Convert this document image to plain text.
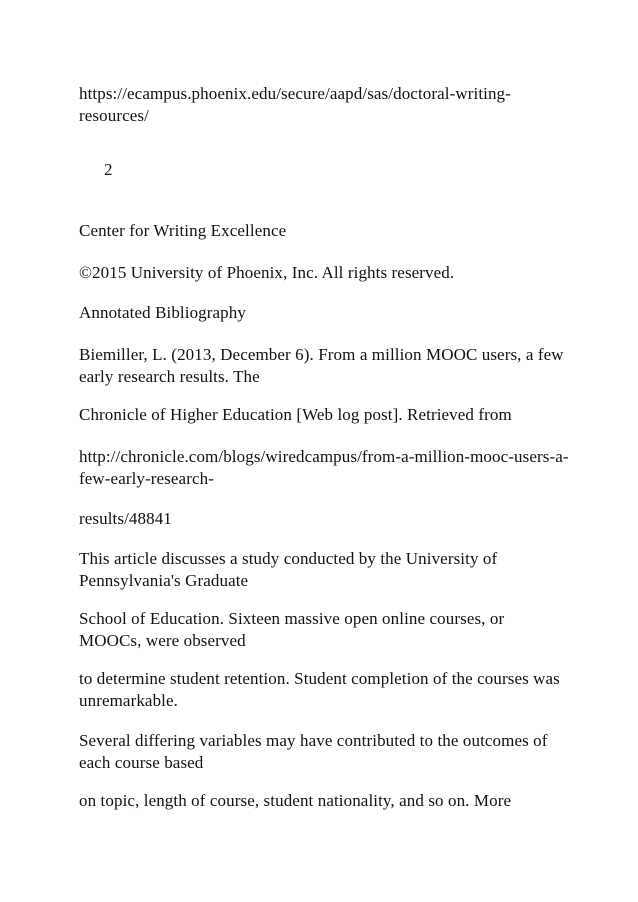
https://ecampus.phoenix.edu/secure/aapd/sas/doctoral-writing-resources/
2
Center for Writing Excellence
©2015 University of Phoenix, Inc. All rights reserved.
Annotated Bibliography
Biemiller, L. (2013, December 6). From a million MOOC users, a few early research results. The
Chronicle of Higher Education [Web log post]. Retrieved from
http://chronicle.com/blogs/wiredcampus/from-a-million-mooc-users-a-few-early-research-
results/48841
This article discusses a study conducted by the University of Pennsylvania's Graduate
School of Education. Sixteen massive open online courses, or MOOCs, were observed
to determine student retention. Student completion of the courses was unremarkable.
Several differing variables may have contributed to the outcomes of each course based
on topic, length of course, student nationality, and so on. More
